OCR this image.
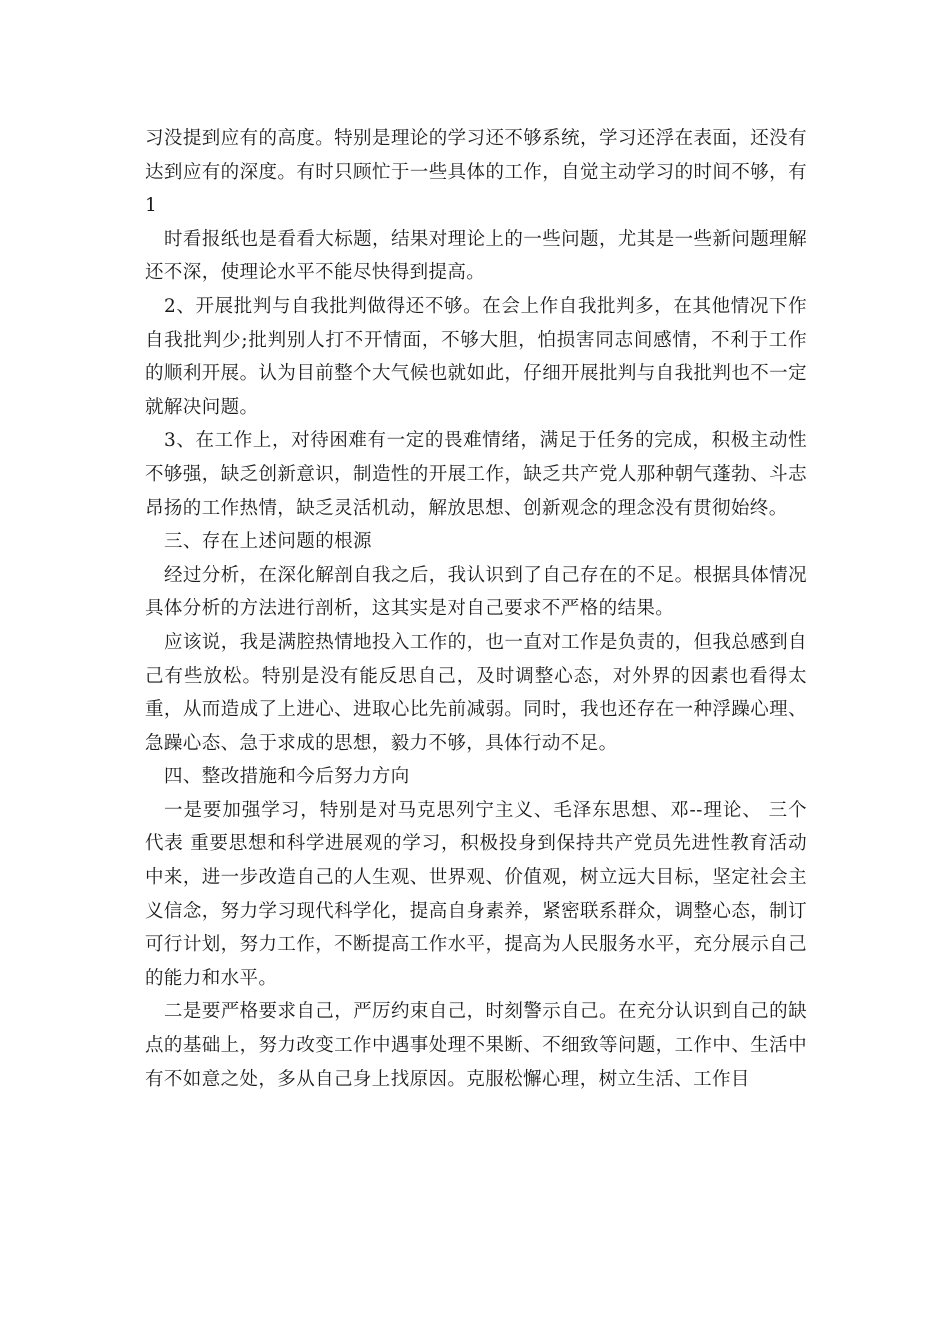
习没提到应有的高度。特别是理论的学习还不够系统，学习还浮在表面，还没有达到应有的深度。有时只顾忙于一些具体的工作，自觉主动学习的时间不够，有 1

时看报纸也是看看大标题，结果对理论上的一些问题，尤其是一些新问题理解还不深，使理论水平不能尽快得到提高。

2、开展批判与自我批判做得还不够。在会上作自我批判多，在其他情况下作自我批判少;批判别人打不开情面，不够大胆，怕损害同志间感情，不利于工作的顺利开展。认为目前整个大气候也就如此，仔细开展批判与自我批判也不一定就解决问题。

3、在工作上，对待困难有一定的畏难情绪，满足于任务的完成，积极主动性不够强，缺乏创新意识，制造性的开展工作，缺乏共产党人那种朝气蓬勃、斗志昂扬的工作热情，缺乏灵活机动，解放思想、创新观念的理念没有贯彻始终。

三、存在上述问题的根源

经过分析，在深化解剖自我之后，我认识到了自己存在的不足。根据具体情况具体分析的方法进行剖析，这其实是对自己要求不严格的结果。

应该说，我是满腔热情地投入工作的，也一直对工作是负责的，但我总感到自己有些放松。特别是没有能反思自己，及时调整心态，对外界的因素也看得太重，从而造成了上进心、进取心比先前减弱。同时，我也还存在一种浮躁心理、急躁心态、急于求成的思想，毅力不够，具体行动不足。

四、整改措施和今后努力方向

一是要加强学习，特别是对马克思列宁主义、毛泽东思想、邓--理论、 三个代表 重要思想和科学进展观的学习，积极投身到保持共产党员先进性教育活动中来，进一步改造自己的人生观、世界观、价值观，树立远大目标，坚定社会主义信念，努力学习现代科学化，提高自身素养，紧密联系群众，调整心态，制订可行计划，努力工作，不断提高工作水平，提高为人民服务水平，充分展示自己的能力和水平。

二是要严格要求自己，严厉约束自己，时刻警示自己。在充分认识到自己的缺点的基础上，努力改变工作中遇事处理不果断、不细致等问题，工作中、生活中有不如意之处，多从自己身上找原因。克服松懈心理，树立生活、工作目
